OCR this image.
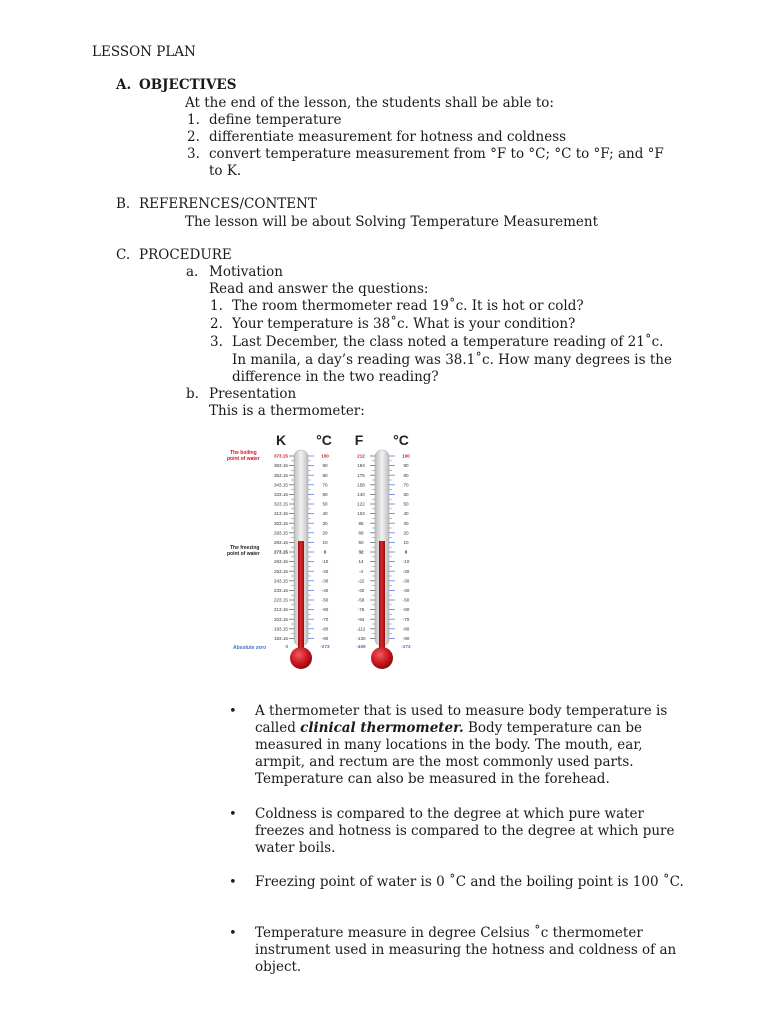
LESSON PLAN
A. OBJECTIVES
At the end of the lesson, the students shall be able to:
1. define temperature
2. differentiate measurement for hotness and coldness
3. convert temperature measurement from °F to °C; °C to °F; and °F
to K.
B. REFERENCES/CONTENT
The lesson will be about Solving Temperature Measurement
C. PROCEDURE
a. Motivation
Read and answer the questions:
1. The room thermometer read 19˚c. It is hot or cold?
2. Your temperature is 38˚c. What is your condition?
3. Last December, the class noted a temperature reading of 21˚c.
In manila, a day’s reading was 38.1˚c. How many degrees is the
difference in the two reading?
b. Presentation
This is a thermometer:
K °C F °C
The boiling
point of water
The freezing
point of water
Absolute zero
373.15	100	212	100
363.15	90	194	90
353.15	80	176	80
343.15	70	158	70
333.15	60	140	60
323.15	50	122	50
313.15	40	104	40
303.15	30	86	30
293.15	20	68	20
283.15	10	50	10
273.15	0	32	0
263.15	-10	14	-10
253.15	-20	-4	-20
243.15	-30	-22	-30
233.15	-40	-40	-40
223.15	-50	-58	-50
213.15	-60	-76	-60
203.15	-70	-94	-70
193.15	-80	-112	-80
183.15	-90	-130	-90
0	-273	-459	-273
• A thermometer that is used to measure body temperature is called clinical thermometer. Body temperature can be measured in many locations in the body. The mouth, ear, armpit, and rectum are the most commonly used parts. Temperature can also be measured in the forehead.
• Coldness is compared to the degree at which pure water freezes and hotness is compared to the degree at which pure water boils.
• Freezing point of water is 0 ˚C and the boiling point is 100 ˚C.
• Temperature measure in degree Celsius ˚c thermometer instrument used in measuring the hotness and coldness of an object.
